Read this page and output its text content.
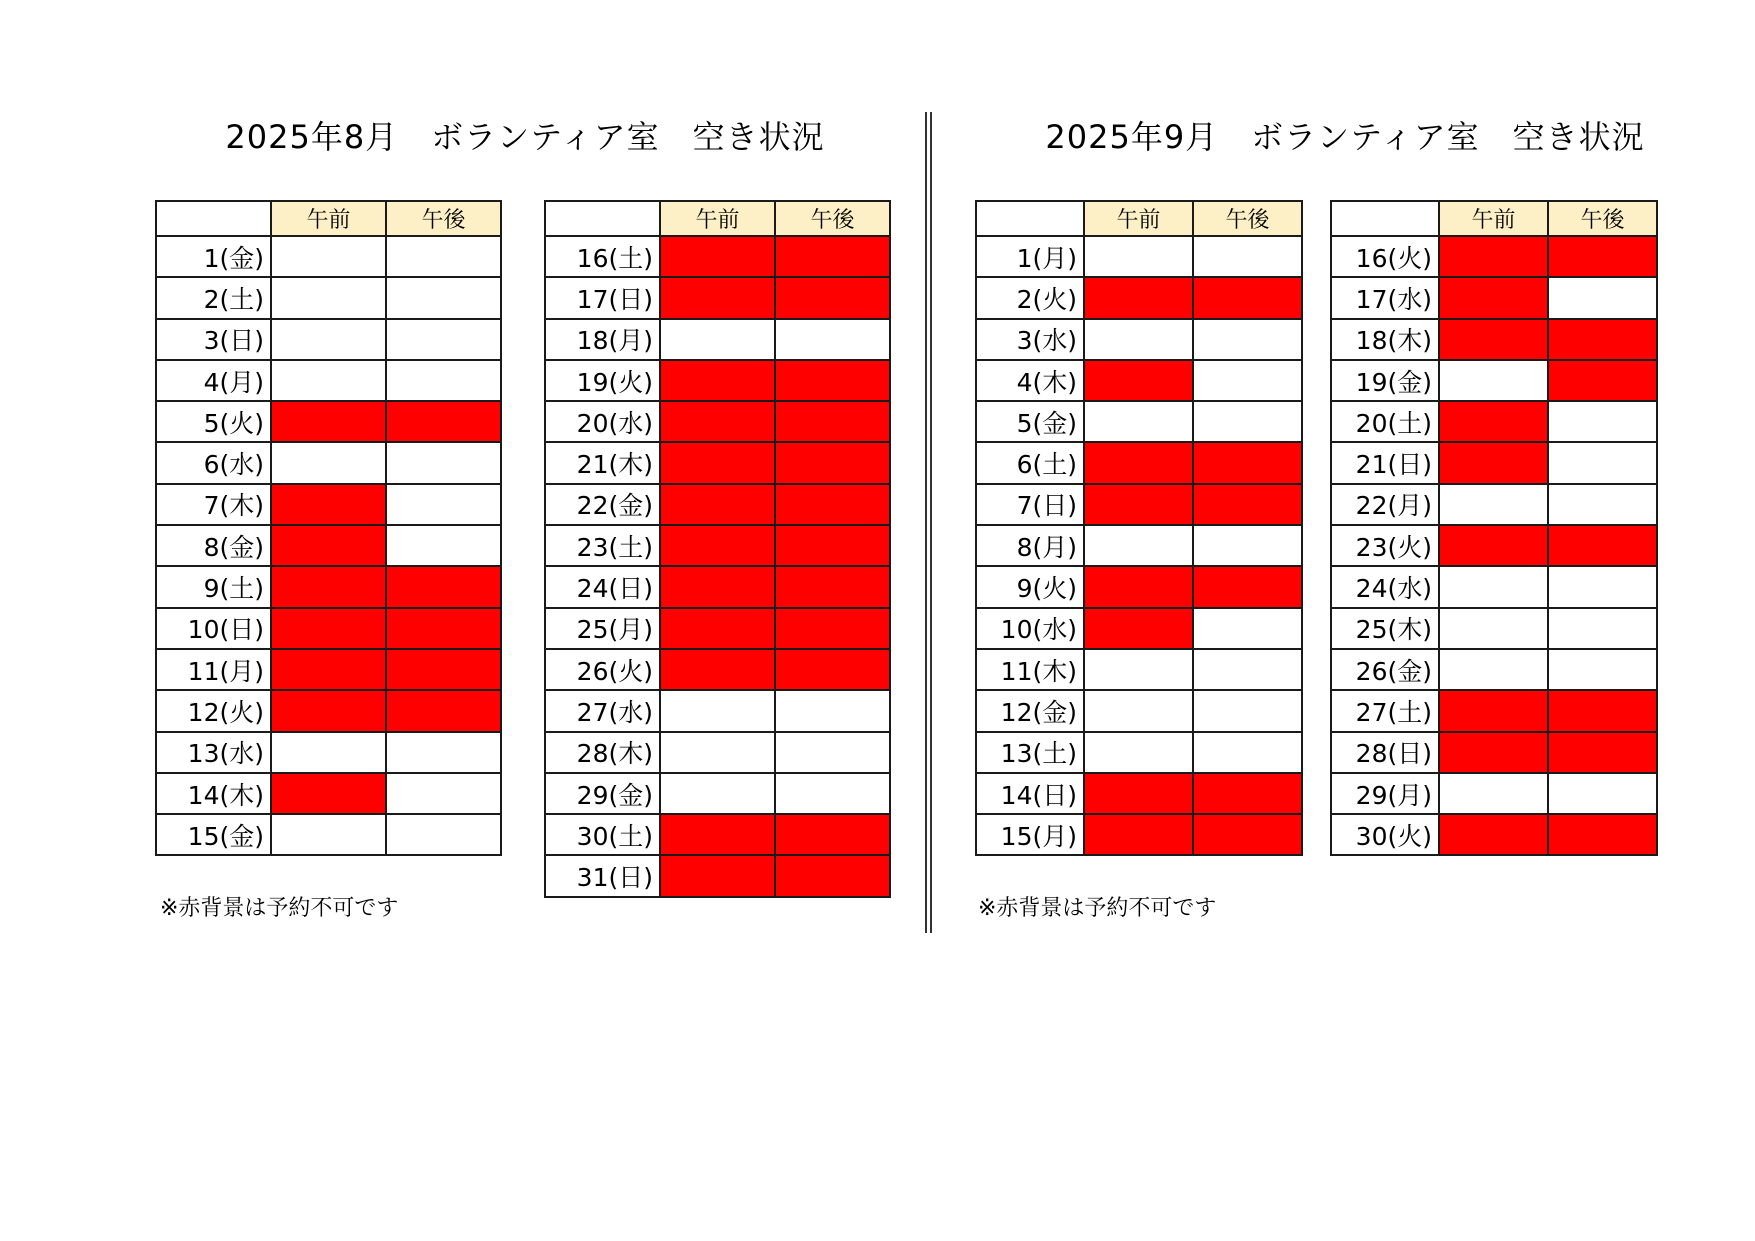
2025年8月　ボランティア室　空き状況	2025年9月　ボランティア室　空き状況
	午前	午後
1(金)		
2(土)		
3(日)		
4(月)		
5(火)		
6(水)		
7(木)		
8(金)		
9(土)		
10(日)		
11(月)		
12(火)		
13(水)		
14(木)		
15(金)		
	午前	午後
16(土)		
17(日)		
18(月)		
19(火)		
20(水)		
21(木)		
22(金)		
23(土)		
24(日)		
25(月)		
26(火)		
27(水)		
28(木)		
29(金)		
30(土)		
31(日)		
	午前	午後
1(月)		
2(火)		
3(水)		
4(木)		
5(金)		
6(土)		
7(日)		
8(月)		
9(火)		
10(水)		
11(木)		
12(金)		
13(土)		
14(日)		
15(月)		
	午前	午後
16(火)		
17(水)		
18(木)		
19(金)		
20(土)		
21(日)		
22(月)		
23(火)		
24(水)		
25(木)		
26(金)		
27(土)		
28(日)		
29(月)		
30(火)		
※赤背景は予約不可です	※赤背景は予約不可です
